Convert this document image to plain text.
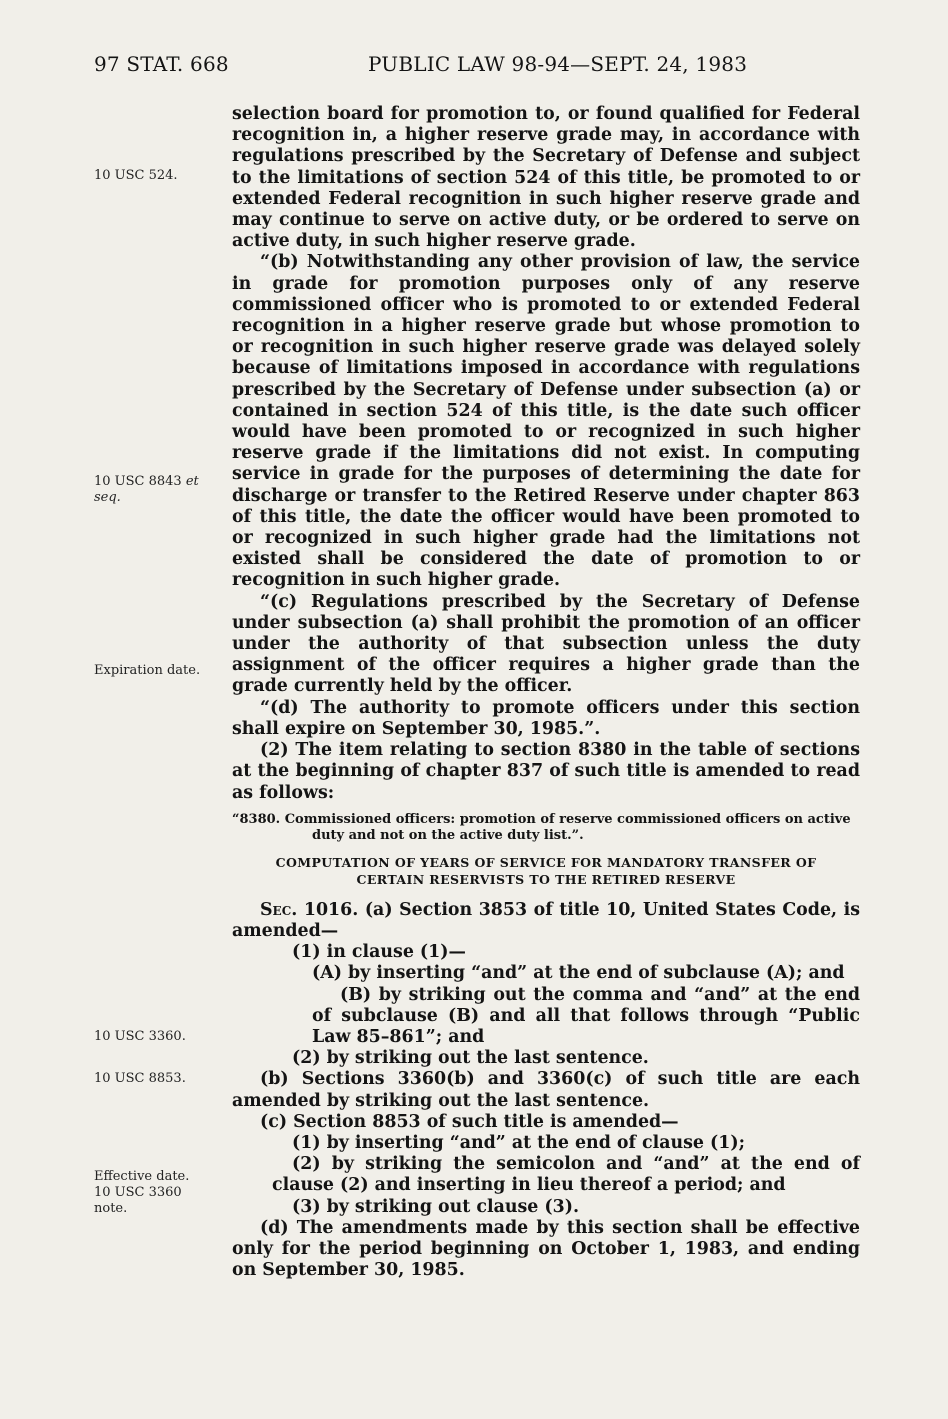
97 STAT. 668	PUBLIC LAW 98-94—SEPT. 24, 1983
10 USC 524.
10 USC 8843 et
seq.
Expiration date.
10 USC 3360.
10 USC 8853.
Effective date.
10 USC 3360
note.

selection board for promotion to, or found qualified for Federal recognition in, a higher reserve grade may, in accordance with regulations prescribed by the Secretary of Defense and subject to the limitations of section 524 of this title, be promoted to or extended Federal recognition in such higher reserve grade and may continue to serve on active duty, or be ordered to serve on active duty, in such higher reserve grade.

“(b) Notwithstanding any other provision of law, the service in grade for promotion purposes only of any reserve commissioned officer who is promoted to or extended Federal recognition in a higher reserve grade but whose promotion to or recognition in such higher reserve grade was delayed solely because of limitations imposed in accordance with regulations prescribed by the Secretary of Defense under subsection (a) or contained in section 524 of this title, is the date such officer would have been promoted to or recognized in such higher reserve grade if the limitations did not exist. In computing service in grade for the purposes of determining the date for discharge or transfer to the Retired Reserve under chapter 863 of this title, the date the officer would have been promoted to or recognized in such higher grade had the limitations not existed shall be considered the date of promotion to or recognition in such higher grade.

“(c) Regulations prescribed by the Secretary of Defense under subsection (a) shall prohibit the promotion of an officer under the authority of that subsection unless the duty assignment of the officer requires a higher grade than the grade currently held by the officer.

“(d) The authority to promote officers under this section shall expire on September 30, 1985.”.

(2) The item relating to section 8380 in the table of sections at the beginning of chapter 837 of such title is amended to read as follows:

“8380. Commissioned officers: promotion of reserve commissioned officers on active

duty and not on the active duty list.”.

COMPUTATION OF YEARS OF SERVICE FOR MANDATORY TRANSFER OF
CERTAIN RESERVISTS TO THE RETIRED RESERVE

Sec. 1016. (a) Section 3853 of title 10, United States Code, is amended—

(1) in clause (1)—

(A) by inserting “and” at the end of subclause (A); and

(B) by striking out the comma and “and” at the end of subclause (B) and all that follows through “Public Law 85–861”; and

(2) by striking out the last sentence.

(b) Sections 3360(b) and 3360(c) of such title are each amended by striking out the last sentence.

(c) Section 8853 of such title is amended—

(1) by inserting “and” at the end of clause (1);

(2) by striking the semicolon and “and” at the end of clause (2) and inserting in lieu thereof a period; and

(3) by striking out clause (3).

(d) The amendments made by this section shall be effective only for the period beginning on October 1, 1983, and ending on September 30, 1985.
